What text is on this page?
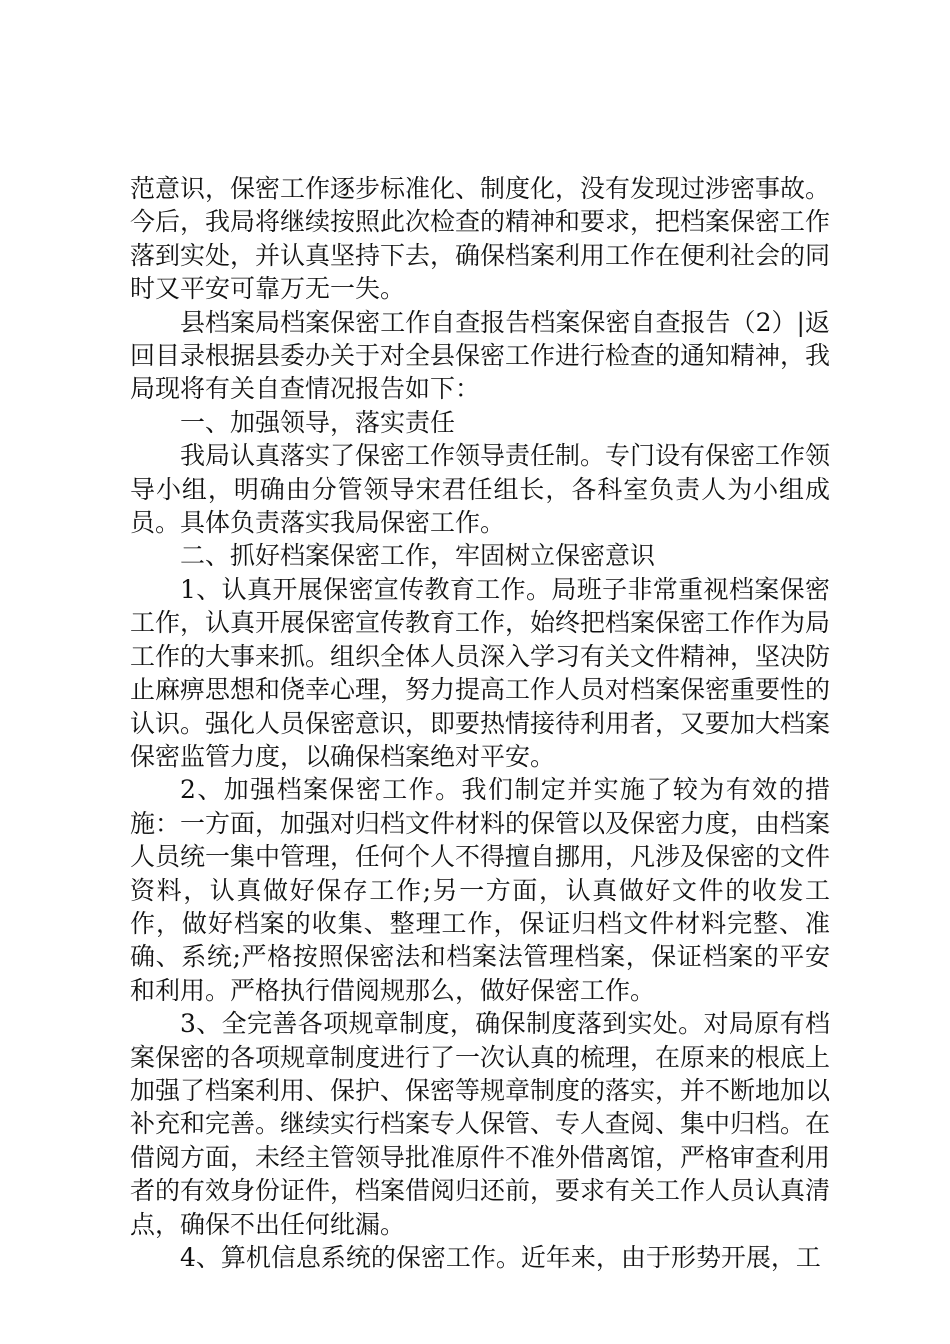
范意识，保密工作逐步标准化、制度化，没有发现过涉密事故。今后，我局将继续按照此次检查的精神和要求，把档案保密工作落到实处，并认真坚持下去，确保档案利用工作在便利社会的同时又平安可靠万无一失。

县档案局档案保密工作自查报告档案保密自查报告（2）|返回目录根据县委办关于对全县保密工作进行检查的通知精神，我局现将有关自查情况报告如下：

一、加强领导，落实责任

我局认真落实了保密工作领导责任制。专门设有保密工作领导小组，明确由分管领导宋君任组长，各科室负责人为小组成员。具体负责落实我局保密工作。

二、抓好档案保密工作，牢固树立保密意识

1、认真开展保密宣传教育工作。局班子非常重视档案保密工作，认真开展保密宣传教育工作，始终把档案保密工作作为局工作的大事来抓。组织全体人员深入学习有关文件精神，坚决防止麻痹思想和侥幸心理，努力提高工作人员对档案保密重要性的认识。强化人员保密意识，即要热情接待利用者，又要加大档案保密监管力度，以确保档案绝对平安。

2、加强档案保密工作。我们制定并实施了较为有效的措施：一方面，加强对归档文件材料的保管以及保密力度，由档案人员统一集中管理，任何个人不得擅自挪用，凡涉及保密的文件资料，认真做好保存工作;另一方面，认真做好文件的收发工作，做好档案的收集、整理工作，保证归档文件材料完整、准确、系统;严格按照保密法和档案法管理档案，保证档案的平安和利用。严格执行借阅规那么，做好保密工作。

3、全完善各项规章制度，确保制度落到实处。对局原有档案保密的各项规章制度进行了一次认真的梳理，在原来的根底上加强了档案利用、保护、保密等规章制度的落实，并不断地加以补充和完善。继续实行档案专人保管、专人查阅、集中归档。在借阅方面，未经主管领导批准原件不准外借离馆，严格审查利用者的有效身份证件，档案借阅归还前，要求有关工作人员认真清点，确保不出任何纰漏。

4、算机信息系统的保密工作。近年来，由于形势开展，工
